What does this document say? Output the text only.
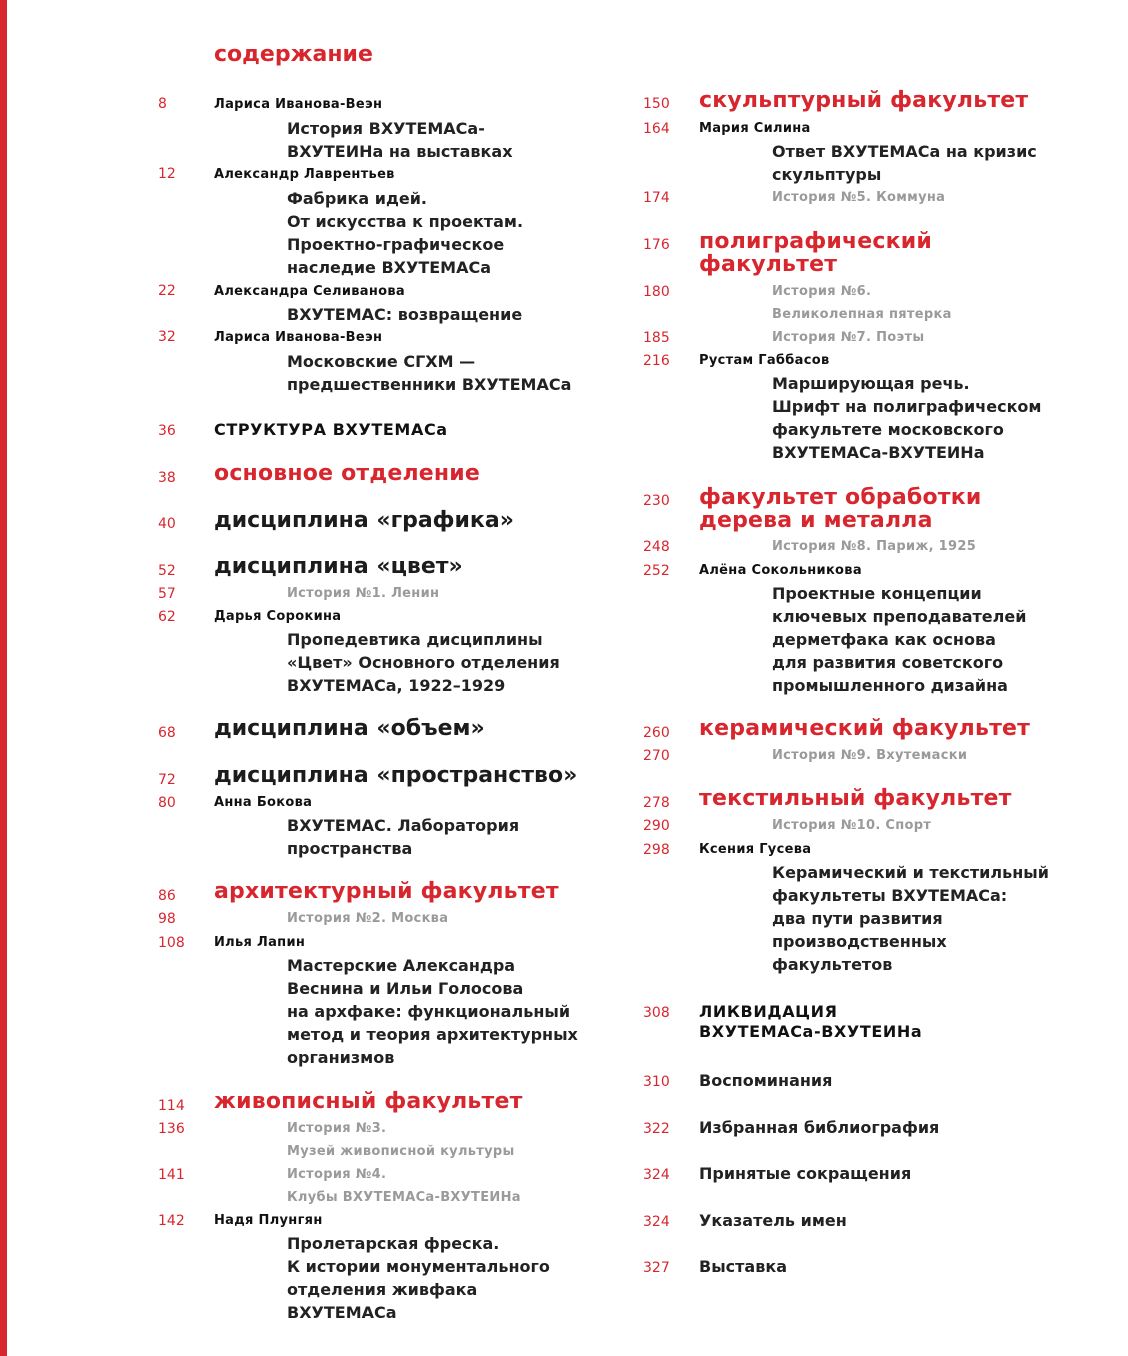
содержание
8	Лариса Иванова-Веэн
История ВХУТЕМАСа-
ВХУТЕИНа на выставках
12	Александр Лаврентьев
Фабрика идей.
От искусства к проектам.
Проектно-графическое
наследие ВХУТЕМАСа
22	Александра Селиванова
ВХУТЕМАС: возвращение
32	Лариса Иванова-Веэн
Московские СГХМ —
предшественники ВХУТЕМАСа
36	СТРУКТУРА ВХУТЕМАСа
38	основное отделение
40	дисциплина «графика»
52	дисциплина «цвет»
57	История №1. Ленин
62	Дарья Сорокина
Пропедевтика дисциплины
«Цвет» Основного отделения
ВХУТЕМАСа, 1922–1929
68	дисциплина «объем»
72	дисциплина «пространство»
80	Анна Бокова
ВХУТЕМАС. Лаборатория
пространства
86	архитектурный факультет
98	История №2. Москва
108	Илья Лапин
Мастерские Александра
Веснина и Ильи Голосова
на архфаке: функциональный
метод и теория архитектурных
организмов
114	живописный факультет
136	История №3.
Музей живописной культуры
141	История №4.
Клубы ВХУТЕМАСа-ВХУТЕИНа
142	Надя Плунгян
Пролетарская фреска.
К истории монументального
отделения живфака
ВХУТЕМАСа
150	скульптурный факультет
164	Мария Силина
Ответ ВХУТЕМАСа на кризис
скульптуры
174	История №5. Коммуна
176	полиграфический
факультет
180	История №6.
Великолепная пятерка
185	История №7. Поэты
216	Рустам Габбасов
Марширующая речь.
Шрифт на полиграфическом
факультете московского
ВХУТЕМАСа-ВХУТЕИНа
230	факультет обработки
дерева и металла
248	История №8. Париж, 1925
252	Алёна Сокольникова
Проектные концепции
ключевых преподавателей
дерметфака как основа
для развития советского
промышленного дизайна
260	керамический факультет
270	История №9. Вхутемаски
278	текстильный факультет
290	История №10. Спорт
298	Ксения Гусева
Керамический и текстильный
факультеты ВХУТЕМАСа:
два пути развития
производственных
факультетов
308	ЛИКВИДАЦИЯ
ВХУТЕМАСа-ВХУТЕИНа
310	Воспоминания
322	Избранная библиография
324	Принятые сокращения
324	Указатель имен
327	Выставка
